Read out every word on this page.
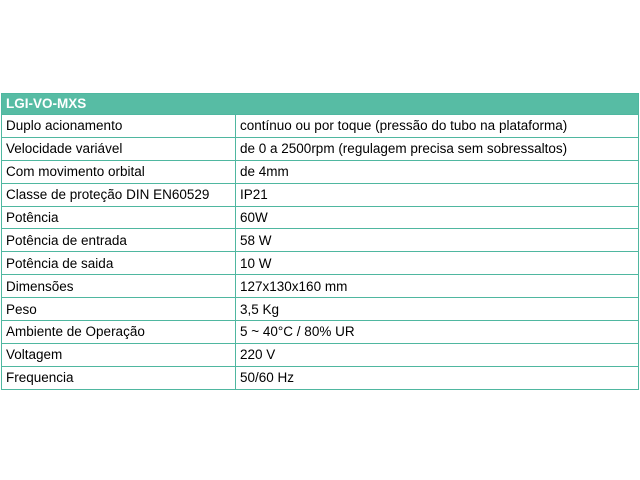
LGI-VO-MXS	
Duplo acionamento	contínuo ou por toque (pressão do tubo na plataforma)
Velocidade variável	de 0 a 2500rpm (regulagem precisa sem sobressaltos)
Com movimento orbital	de 4mm
Classe de proteção DIN EN60529	IP21
Potência	60W
Potência de entrada	58 W
Potência de saida	10 W
Dimensões	127x130x160 mm
Peso	3,5 Kg
Ambiente de Operação	5 ~ 40°C / 80% UR
Voltagem	220 V
Frequencia	50/60 Hz
